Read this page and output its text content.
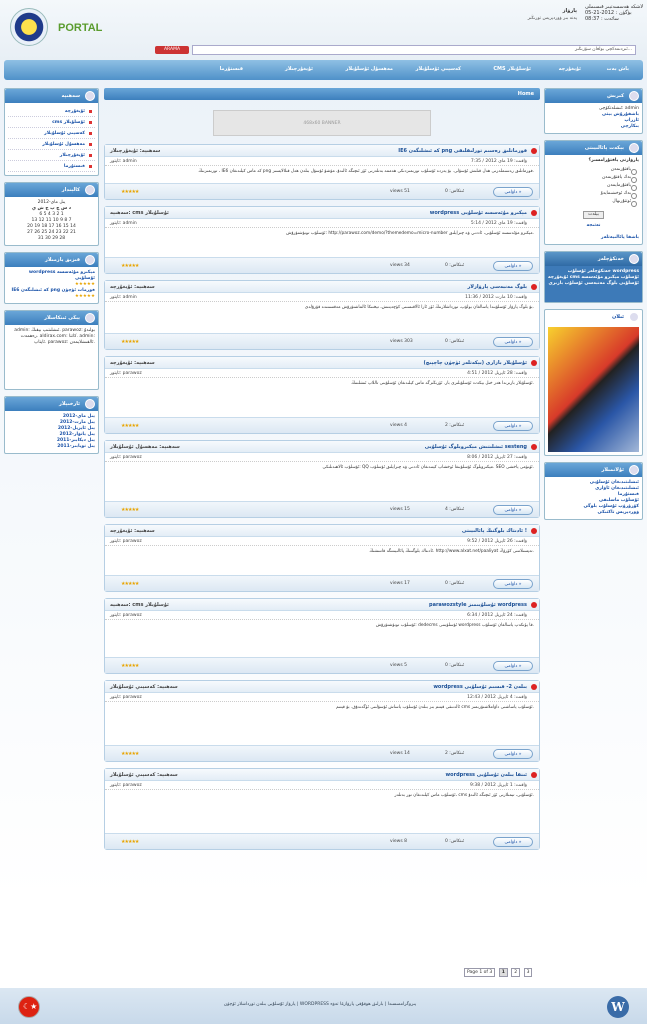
PORTAL
لاشكە ھەسسەتيىر قىسىملى
بۈگۈن : 2012-21-05
سائەت : 08:37
پارۋاز
پەنە بىر ۋوردپرېس تورىڭىز
ARAMA	ئىزدىمەكچى بولغان سۆزىڭىز...
باش بەت
ئۇيغۇرچە
CMS ئۇسلۇبلار
كەسپىي ئۇسلۇبلار
مەھسۇل ئۇسلۇبلار
ئۇيغۇرچىلار
قىستۇرما
سەھىپە
ئۇيغۇرچە
cms ئۇسلۇبلار
كەسپىي ئۇسلۇبلار
مەھسۇل ئۇسلۇبلار
ئۇيغۇرچىلار
قىستۇرما
كالېندار
2012-يىل ماي
د س چ پ ج ش ي
6 5 4 3 2 1
13 12 11 10 9 8 7
20 19 18 17 16 15 14
27 26 25 24 23 22 21
31 30 29 28
قىزىق يازمىلار
wordpress مېكىرو مۇئەسسە ئۇسلۇبى
★★★★★
IE6 كە ئىشلىگەن png فورمات ئۈچۈن
★★★★★
يېڭى ئىنكاسلار
admin: ئىشلىتىپ بېقىڭ. parawoz: بولىدۇ رەھمەت. aldirax.com: كاتتا. admin: ئاپتاپ. parawoz: ئالقىشلايمەن.
ئارخىپلار
2012-يىل ماي
2012-يىل مارت
2012-يىل ئاپرېل
2012-يىل يانۋار
2011-يىل دېكابىر
2011-يىل نويابىر
Home
468x60 BANNER
IE6 كە ئىشلىگەن png فورماتلىق رەسىم تورلىقلىقى
سەھىپە: ئۇيغۇرچىلار
ۋاقىت: 19 ماي 2012 / 7:35
ئاپتور: admin
تورىمىزنىڭ ، IE6 كە ماس كېلىدىغان png فورماتلىق رەسىملەرنى ھەل قىلىش ئۇسۇلى. بۇ يەردە ئۇسلۇب تورىمىزدىكى ھەممە بەتلەرنى ئۆز ئىچىگە ئالىدۇ، مۇشۇ ئۇسۇل بىلەن ھەل قىلالايسىز.
★★★★★	views 51	ئىنكاس: 0	داۋامى »
wordpress مېكىرو مۇئەسسە ئۇسلۇبى
سەھىپە: cms ئۇسلۇبلار
ۋاقىت: 19 ماي 2012 / 5:14
ئاپتور: admin
ئۇسلۇب تونۇشتۇرۇش: http://parawoz.com/demo/?themedemo=micro-number مېكىرو مۇئەسسە ئۇسلۇبى، ئاددىي ۋە چىرايلىق.
★★★★★	views 34	ئىنكاس: 0	داۋامى »
بلوگ مەنبەسى پارۋازلار
سەھىپە: ئۇيغۇرچە
ۋاقىت: 10 مارت 2012 / 11:36
ئاپتور: admin
بۇ بلوگ پارۋاز ئۇسلۇبىدا ياسالغان بولۇپ، تورداشلارنىڭ ئۆز ئارا ئالاقىسىنى كۈچەيتىش، تېخنىكا ئالماشتۇرۇش مەقسىتىدە قۇرۇلدى.
★★★★★	views 303	ئىنكاس: 0	داۋامى »
ئۇسلۇبلار بازارى (بېكەتلەر ئۈچۈن چاچپىچ)
سەھىپە: ئۇيغۇرچە
ۋاقىت: 28 ئاپرېل 2012 / 4:51
ئاپتور: parawoz
ئۇسلۇبلار بازىرىدا ھەر خىل بېكەت ئۇسلۇبلىرى بار. ئۆزىڭىزگە ماس كېلىدىغان ئۇسلۇبنى تاللاپ ئىشلىتىڭ.
★★★★★	views 4	ئىنكاس: 2	داۋامى »
ئىشلىتىش مېكىروبلوگ ئۇسلۇبى sesteng
سەھىپە: مەھسۇل ئۇسلۇبلار
ۋاقىت: 27 ئاپرېل 2012 / 8:06
ئاپتور: parawoz
ئۇسلۇب ئالاھىدىلىكى: QQ مېكىروبلوگ ئۇسلۇبىغا ئوخشاپ كېتىدىغان ئاددىي ۋە چىرايلىق ئۇسلۇب. SEO ئۈنۈمى ياخشى.
★★★★★	views 15	ئىنكاس: 4	داۋامى »
ئادىتاك بلوگنىڭ پائالىيىتى !
سەھىپە: ئۇيغۇرچە
ۋاقىت: 26 ئاپرېل 2012 / 9:52
ئاپتور: parawoz
ئادىتاك بلوگىنىڭ پائالىيىتىگە قاتنىشىڭ. http://www.alxat.net/paaliyat تەپسىلاتىنى كۆرۈڭ.
★★★★★	views 17	ئىنكاس: 0	داۋامى »
parawozstyle ئۇسلۇبىمىز wordpress
سەھىپە: cms ئۇسلۇبلار
ۋاقىت: 24 ئاپرېل 2012 / 6:34
ئاپتور: parawoz
ئۇسلۇب تونۇشتۇرۇش: dedecms ئۇسلۇبىنى wordpress قا يۆتكەپ ياسالغان ئۇسلۇب.
★★★★★	views 5	ئىنكاس: 0	داۋامى »
wordpress بىلەن 2- قىسىم ئۇسلۇبى
سەھىپە: كەسپىي ئۇسلۇبلار
ۋاقىت: 4 ئاپرېل 2012 / 12:43
ئاپتور: parawoz
ئالدىنقى قېتىم بىز بىلەن ئۇسلۇب ياساش ئۇسۇلىنى ئۆگەندۇق. بۇ قېتىم cms ئۇسلۇب ياساشنى داۋاملاشتۇرىمىز.
★★★★★	views 14	ئىنكاس: 2	داۋامى »
wordpress ئىنقا بىلەن ئۇسلۇبى
سەھىپە: كەسپىي ئۇسلۇبلار
ۋاقىت: 1 ئاپرېل 2012 / 9:38
ئاپتور: parawoz
ئۇسلۇب ماس كېلىدىغان تور بەتلەر، cms ئۇسلۇبى، تېمىلارنى ئۆز ئىچىگە ئالىدۇ.
★★★★★	views 8	ئىنكاس: 0	داۋامى »
Page 1 of 3 1 2 3
كىرىش
ئىشلەتكۈچى: admin
باشقۇرۇش بېتى
ئازراپ
بىكارچى
بېكەت پائالىيىتى
پارۋازنى ياقتۇرامسىز؟
ياقتۇرىمەن
بەك ياقتۇرىمەن
ياقتۇرمايمەن
بەك ئوخشىمايدۇ
ئوتتۇرىھال
بېلەت
نەتىجە
باشقا پائالىيەتلەر
خەتكۈچلەر
خەتكۈچلەر ئۇسلۇب wordpress ئۇيغۇرچە cms ئۇسلۇب مېكىرو مۇئەسسە ئۇسلۇبى بلوگ مەنبەسى ئۇسلۇب بازىرى
ئىلان
ئۇلانمىلار
ئىشلىتىدىغان ئۇسلۇبى
ئىشلىتىدىغان ئاۋازى
قىستۇرما
ئۇسلۇب ماسلىقى
كۆزۈرۈپ ئۇسلۇب بلوگى
ۋوردپرېس تاكتىكى
☾★
پارۋاز ئۇسلۇبى بىلەن تورداشلار ئۈچۈن | WORDPRESS پىروگراممىسىدا | بارلىق ھوقۇقى پارۋازغا تەۋە	W
